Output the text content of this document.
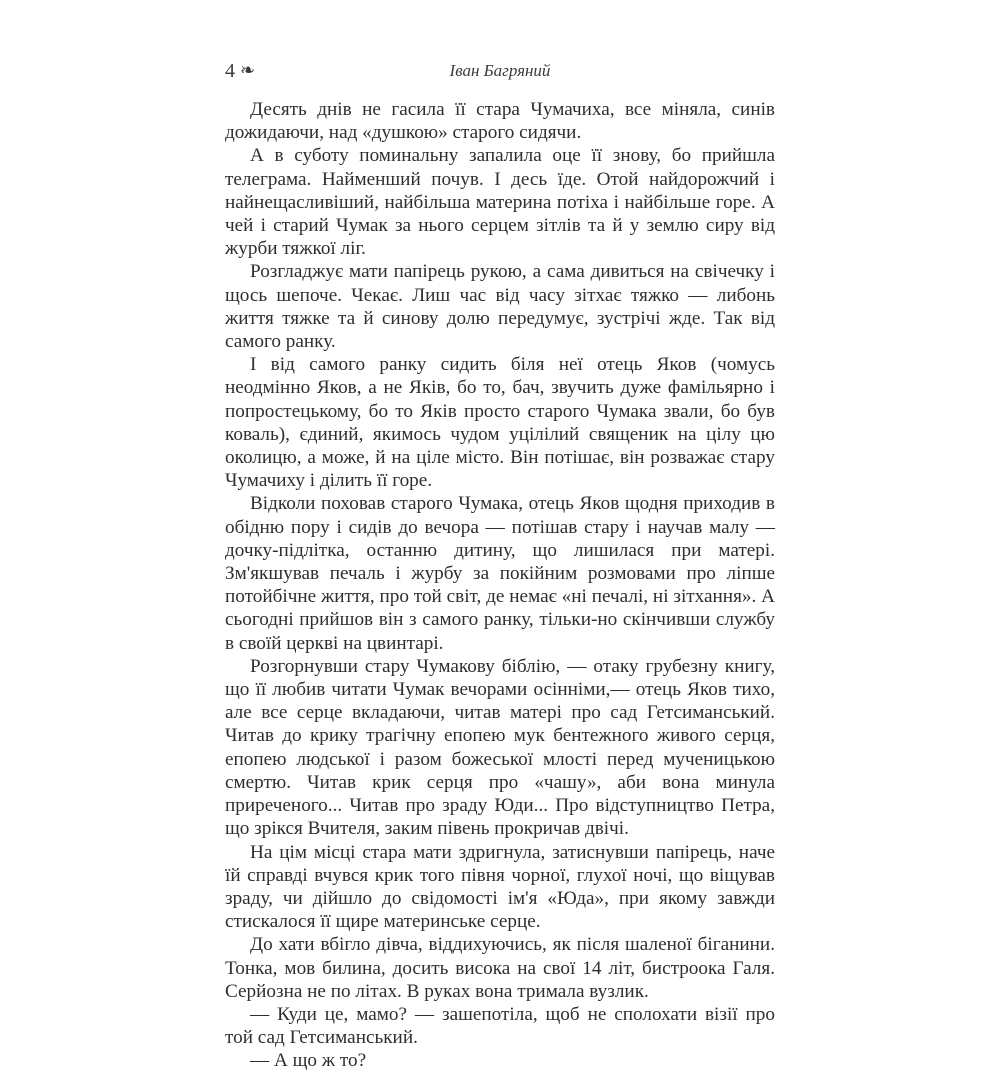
4 ❧	Іван Багряний

Десять днів не гасила її стара Чумачиха, все міняла, синів дожидаючи, над «душкою» старого сидячи.

А в суботу поминальну запалила оце її знову, бо прийшла телеграма. Найменший почув. І десь їде. Отой найдорожчий і найнещасливіший, найбільша материна потіха і найбільше горе. А чей і старий Чумак за нього серцем зітлів та й у землю сиру від журби тяжкої ліг.

Розгладжує мати папірець рукою, а сама дивиться на свічечку і щось шепоче. Чекає. Лиш час від часу зітхає тяжко — либонь життя тяжке та й синову долю передумує, зустрічі жде. Так від самого ранку.

І від самого ранку сидить біля неї отець Яков (чомусь неодмінно Яков, а не Яків, бо то, бач, звучить дуже фамільярно і попростецькому, бо то Яків просто старого Чумака звали, бо був коваль), єдиний, якимось чудом уцілілий священик на цілу цю околицю, а може, й на ціле місто. Він потішає, він розважає стару Чумачиху і ділить її горе.

Відколи поховав старого Чумака, отець Яков щодня приходив в обідню пору і сидів до вечора — потішав стару і научав малу — дочку-підлітка, останню дитину, що лишилася при матері. Зм'якшував печаль і журбу за покійним розмовами про ліпше потойбічне життя, про той світ, де немає «ні печалі, ні зітхання». А сьогодні прийшов він з самого ранку, тільки-но скінчивши службу в своїй церкві на цвинтарі.

Розгорнувши стару Чумакову біблію, — отаку грубезну книгу, що її любив читати Чумак вечорами осінніми,— отець Яков тихо, але все серце вкладаючи, читав матері про сад Гетсиманський. Читав до крику трагічну епопею мук бентежного живого серця, епопею людської і разом божеської млості перед мученицькою смертю. Читав крик серця про «чашу», аби вона минула приреченого... Читав про зраду Юди... Про відступництво Петра, що зрікся Вчителя, заким півень прокричав двічі.

На цім місці стара мати здригнула, затиснувши папірець, наче їй справді вчувся крик того півня чорної, глухої ночі, що віщував зраду, чи дійшло до свідомості ім'я «Юда», при якому завжди стискалося її щире материнське серце.

До хати вбігло дівча, віддихуючись, як після шаленої біганини. Тонка, мов билина, досить висока на свої 14 літ, бистроока Галя. Серйозна не по літах. В руках вона тримала вузлик.

— Куди це, мамо? — зашепотіла, щоб не сполохати візії про той сад Гетсиманський.

— А що ж то?
